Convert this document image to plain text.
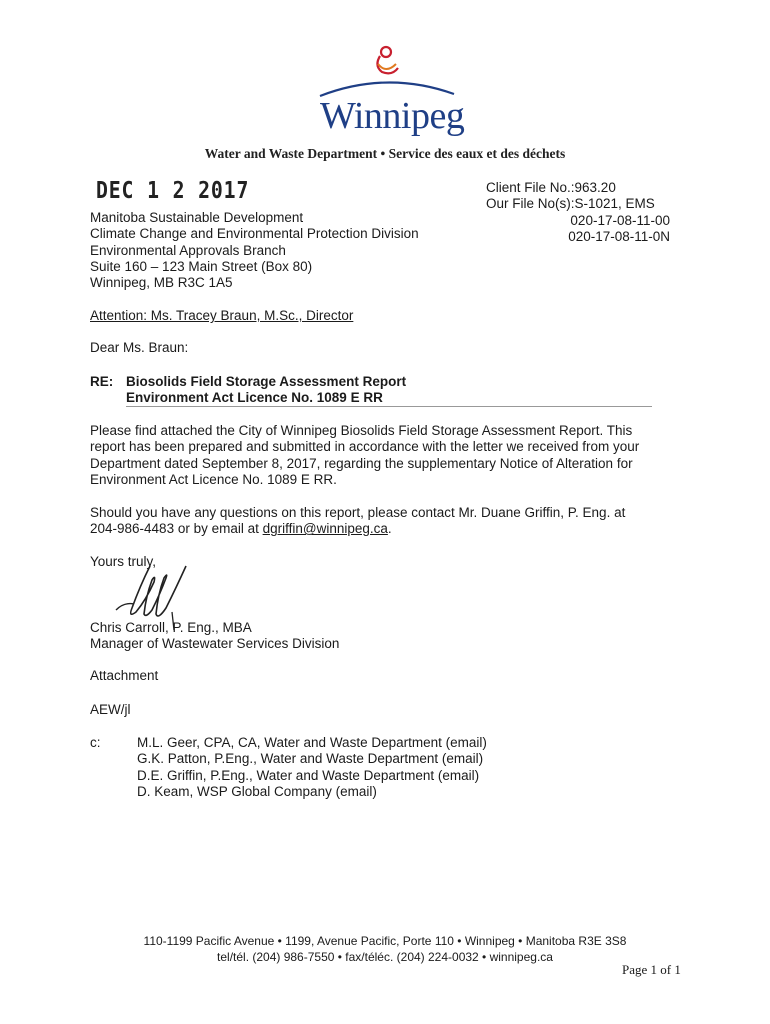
Winnipeg
Water and Waste Department • Service des eaux et des déchets
DEC 1 2 2017	Client File No.: 963.20
Our File No(s): S-1021, EMS
020-17-08-11-00
020-17-08-11-0N
Manitoba Sustainable Development
Climate Change and Environmental Protection Division
Environmental Approvals Branch
Suite 160 – 123 Main Street (Box 80)
Winnipeg, MB R3C 1A5
Attention: Ms. Tracey Braun, M.Sc., Director
Dear Ms. Braun:
RE: Biosolids Field Storage Assessment Report
Environment Act Licence No. 1089 E RR
Please find attached the City of Winnipeg Biosolids Field Storage Assessment Report. This
report has been prepared and submitted in accordance with the letter we received from your
Department dated September 8, 2017, regarding the supplementary Notice of Alteration for
Environment Act Licence No. 1089 E RR.
Should you have any questions on this report, please contact Mr. Duane Griffin, P. Eng. at
204-986-4483 or by email at dgriffin@winnipeg.ca.
Yours truly,
Chris Carroll, P. Eng., MBA
Manager of Wastewater Services Division
Attachment
AEW/jl
c:	M.L. Geer, CPA, CA, Water and Waste Department (email)
G.K. Patton, P.Eng., Water and Waste Department (email)
D.E. Griffin, P.Eng., Water and Waste Department (email)
D. Keam, WSP Global Company (email)
110-1199 Pacific Avenue • 1199, Avenue Pacific, Porte 110 • Winnipeg • Manitoba R3E 3S8
tel/tél. (204) 986-7550 • fax/téléc. (204) 224-0032 • winnipeg.ca
Page 1 of 1
